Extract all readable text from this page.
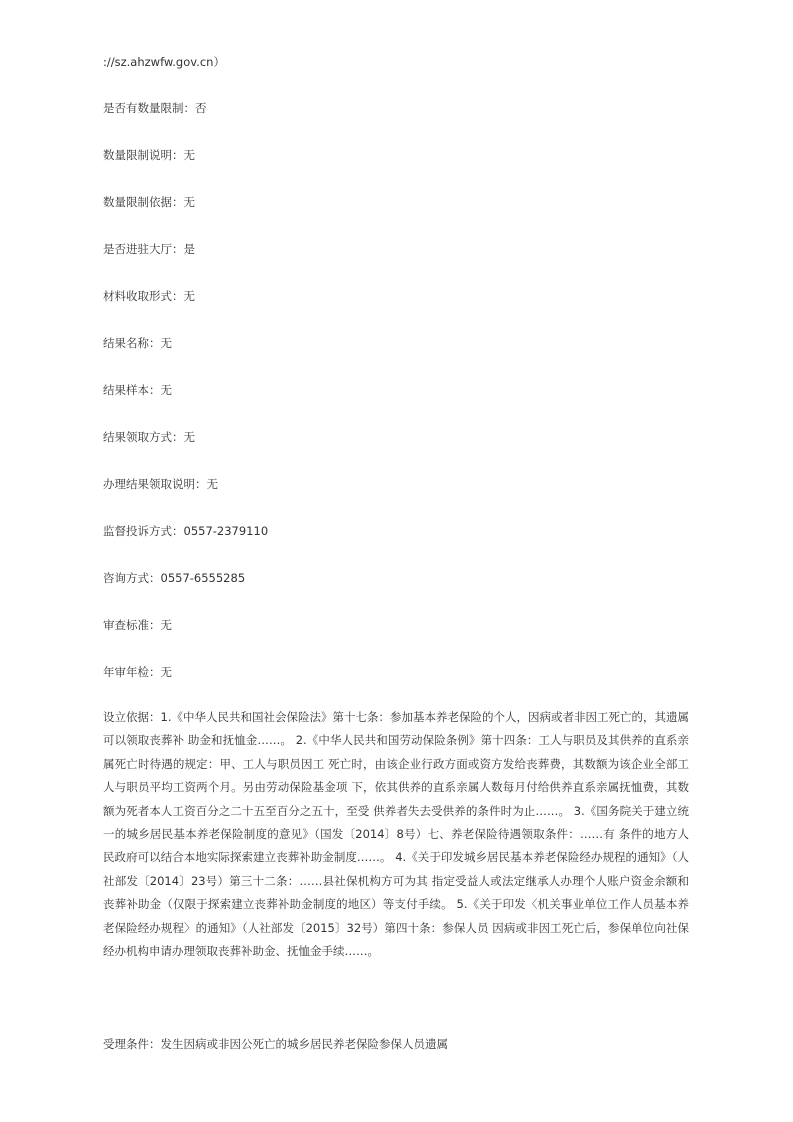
://sz.ahzwfw.gov.cn）
是否有数量限制：否
数量限制说明：无
数量限制依据：无
是否进驻大厅：是
材料收取形式：无
结果名称：无
结果样本：无
结果领取方式：无
办理结果领取说明：无
监督投诉方式：0557-2379110
咨询方式：0557-6555285
审查标准：无
年审年检：无
设立依据：1.《中华人民共和国社会保险法》第十七条：参加基本养老保险的个人，因病或者非因工死亡的，其遗属可以领取丧葬补 助金和抚恤金……。 2.《中华人民共和国劳动保险条例》第十四条：工人与职员及其供养的直系亲属死亡时待遇的规定：甲、工人与职员因工 死亡时，由该企业行政方面或资方发给丧葬费，其数额为该企业全部工人与职员平均工资两个月。另由劳动保险基金项 下，依其供养的直系亲属人数每月付给供养直系亲属抚恤费，其数额为死者本人工资百分之二十五至百分之五十，至受 供养者失去受供养的条件时为止……。 3.《国务院关于建立统一的城乡居民基本养老保险制度的意见》（国发〔2014〕8号）七、养老保险待遇领取条件：……有 条件的地方人民政府可以结合本地实际探索建立丧葬补助金制度……。 4.《关于印发城乡居民基本养老保险经办规程的通知》（人社部发〔2014〕23号）第三十二条：……县社保机构方可为其 指定受益人或法定继承人办理个人账户资金余额和丧葬补助金（仅限于探索建立丧葬补助金制度的地区）等支付手续。 5.《关于印发〈机关事业单位工作人员基本养老保险经办规程〉的通知》（人社部发〔2015〕32号）第四十条：参保人员 因病或非因工死亡后，参保单位向社保经办机构申请办理领取丧葬补助金、抚恤金手续……。
受理条件：发生因病或非因公死亡的城乡居民养老保险参保人员遗属
